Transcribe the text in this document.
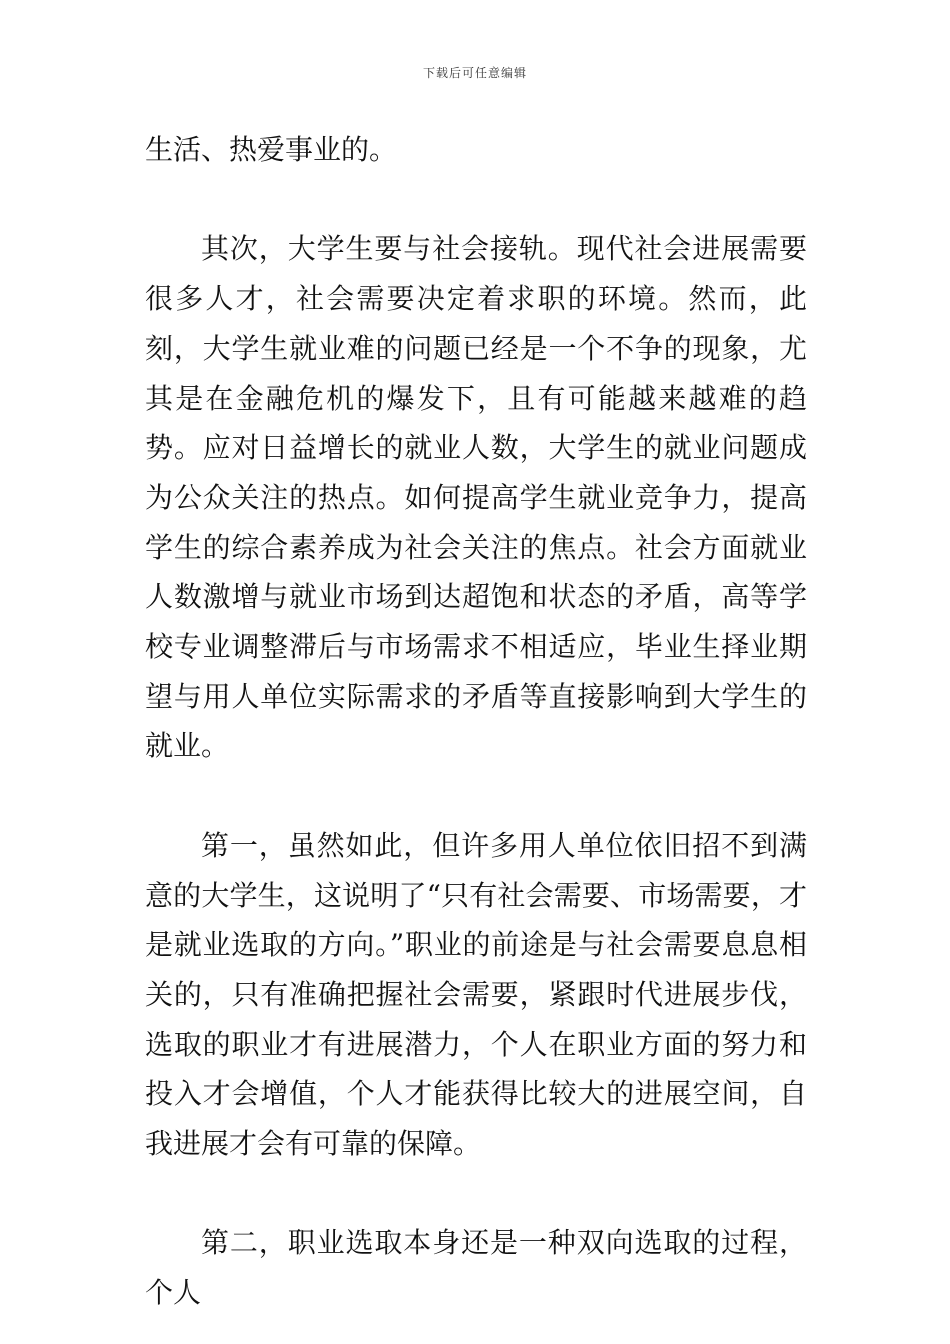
下载后可任意编辑

生活、热爱事业的。

其次，大学生要与社会接轨。现代社会进展需要很多人才，社会需要决定着求职的环境。然而，此刻，大学生就业难的问题已经是一个不争的现象，尤其是在金融危机的爆发下，且有可能越来越难的趋势。应对日益增长的就业人数，大学生的就业问题成为公众关注的热点。如何提高学生就业竞争力，提高学生的综合素养成为社会关注的焦点。社会方面就业人数激增与就业市场到达超饱和状态的矛盾，高等学校专业调整滞后与市场需求不相适应，毕业生择业期望与用人单位实际需求的矛盾等直接影响到大学生的就业。

第一，虽然如此，但许多用人单位依旧招不到满意的大学生，这说明了“只有社会需要、市场需要，才是就业选取的方向。”职业的前途是与社会需要息息相关的，只有准确把握社会需要，紧跟时代进展步伐，选取的职业才有进展潜力，个人在职业方面的努力和投入才会增值，个人才能获得比较大的进展空间，自我进展才会有可靠的保障。

第二，职业选取本身还是一种双向选取的过程，个人
